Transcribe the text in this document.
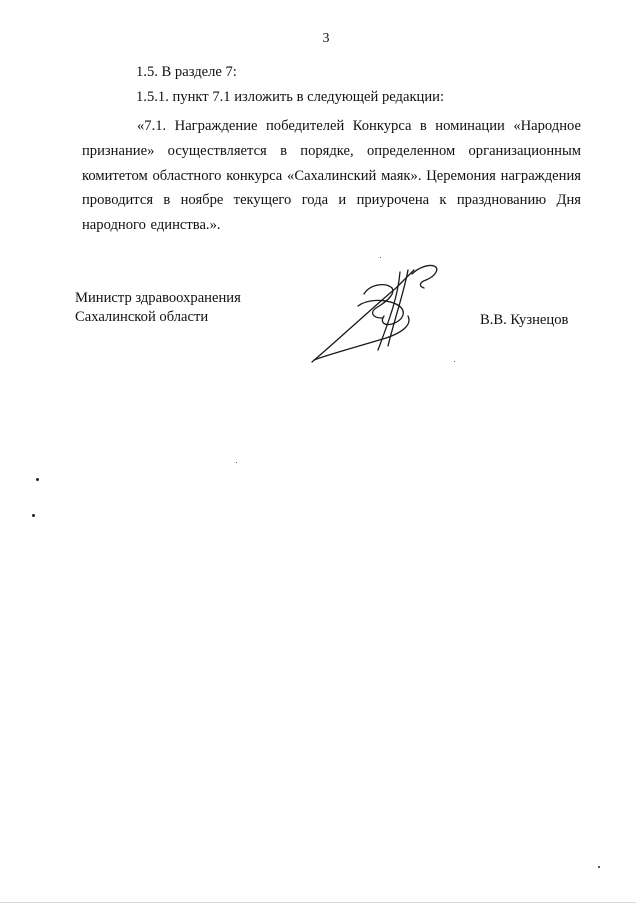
3

1.5. В разделе 7:

1.5.1. пункт 7.1 изложить в следующей редакции:

«7.1. Награждение победителей Конкурса в номинации «Народное признание» осуществляется в порядке, определенном организационным комитетом областного конкурса «Сахалинский маяк». Церемония награждения проводится в ноябре текущего года и приурочена к празднованию Дня народного единства.».

Министр здравоохранения
Сахалинской области	В.В. Кузнецов
